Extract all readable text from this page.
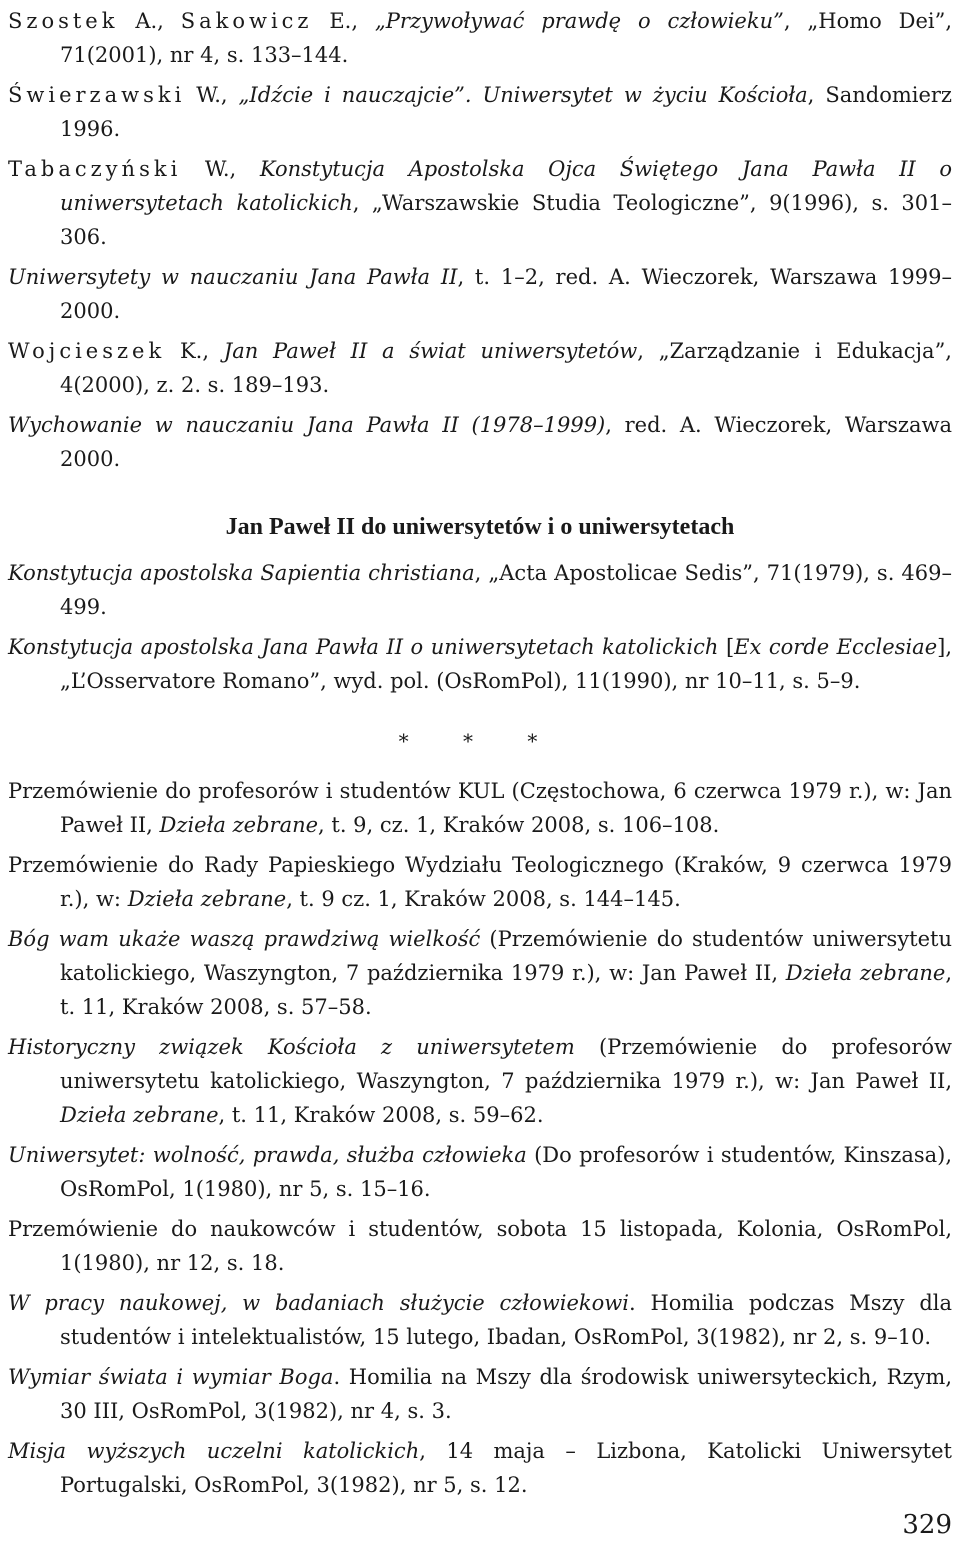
Szostek A., Sakowicz E., „Przywoływać prawdę o człowieku”, „Homo Dei”, 71(2001), nr 4, s. 133–144.

Świerzawski W., „Idźcie i nauczajcie”. Uniwersytet w życiu Kościoła, Sandomierz 1996.

Tabaczyński W., Konstytucja Apostolska Ojca Świętego Jana Pawła II o uniwersytetach katolickich, „Warszawskie Studia Teologiczne”, 9(1996), s. 301–306.

Uniwersytety w nauczaniu Jana Pawła II, t. 1–2, red. A. Wieczorek, Warszawa 1999–2000.

Wojcieszek K., Jan Paweł II a świat uniwersytetów, „Zarządzanie i Edukacja”, 4(2000), z. 2. s. 189–193.

Wychowanie w nauczaniu Jana Pawła II (1978–1999), red. A. Wieczorek, Warszawa 2000.

Jan Paweł II do uniwersytetów i o uniwersytetach

Konstytucja apostolska Sapientia christiana, „Acta Apostolicae Sedis”, 71(1979), s. 469–499.

Konstytucja apostolska Jana Pawła II o uniwersytetach katolickich [Ex corde Ecclesiae], „L’Osservatore Romano”, wyd. pol. (OsRomPol), 11(1990), nr 10–11, s. 5–9.

* * *

Przemówienie do profesorów i studentów KUL (Częstochowa, 6 czerwca 1979 r.), w: Jan Paweł II, Dzieła zebrane, t. 9, cz. 1, Kraków 2008, s. 106–108.

Przemówienie do Rady Papieskiego Wydziału Teologicznego (Kraków, 9 czerwca 1979 r.), w: Dzieła zebrane, t. 9 cz. 1, Kraków 2008, s. 144–145.

Bóg wam ukaże waszą prawdziwą wielkość (Przemówienie do studentów uniwersytetu katolickiego, Waszyngton, 7 października 1979 r.), w: Jan Paweł II, Dzieła zebrane, t. 11, Kraków 2008, s. 57–58.

Historyczny związek Kościoła z uniwersytetem (Przemówienie do profesorów uniwersytetu katolickiego, Waszyngton, 7 października 1979 r.), w: Jan Paweł II, Dzieła zebrane, t. 11, Kraków 2008, s. 59–62.

Uniwersytet: wolność, prawda, służba człowieka (Do profesorów i studentów, Kinszasa), OsRomPol, 1(1980), nr 5, s. 15–16.

Przemówienie do naukowców i studentów, sobota 15 listopada, Kolonia, OsRomPol, 1(1980), nr 12, s. 18.

W pracy naukowej, w badaniach służycie człowiekowi. Homilia podczas Mszy dla studentów i intelektualistów, 15 lutego, Ibadan, OsRomPol, 3(1982), nr 2, s. 9–10.

Wymiar świata i wymiar Boga. Homilia na Mszy dla środowisk uniwersyteckich, Rzym, 30 III, OsRomPol, 3(1982), nr 4, s. 3.

Misja wyższych uczelni katolickich, 14 maja – Lizbona, Katolicki Uniwersytet Portugalski, OsRomPol, 3(1982), nr 5, s. 12.

329
